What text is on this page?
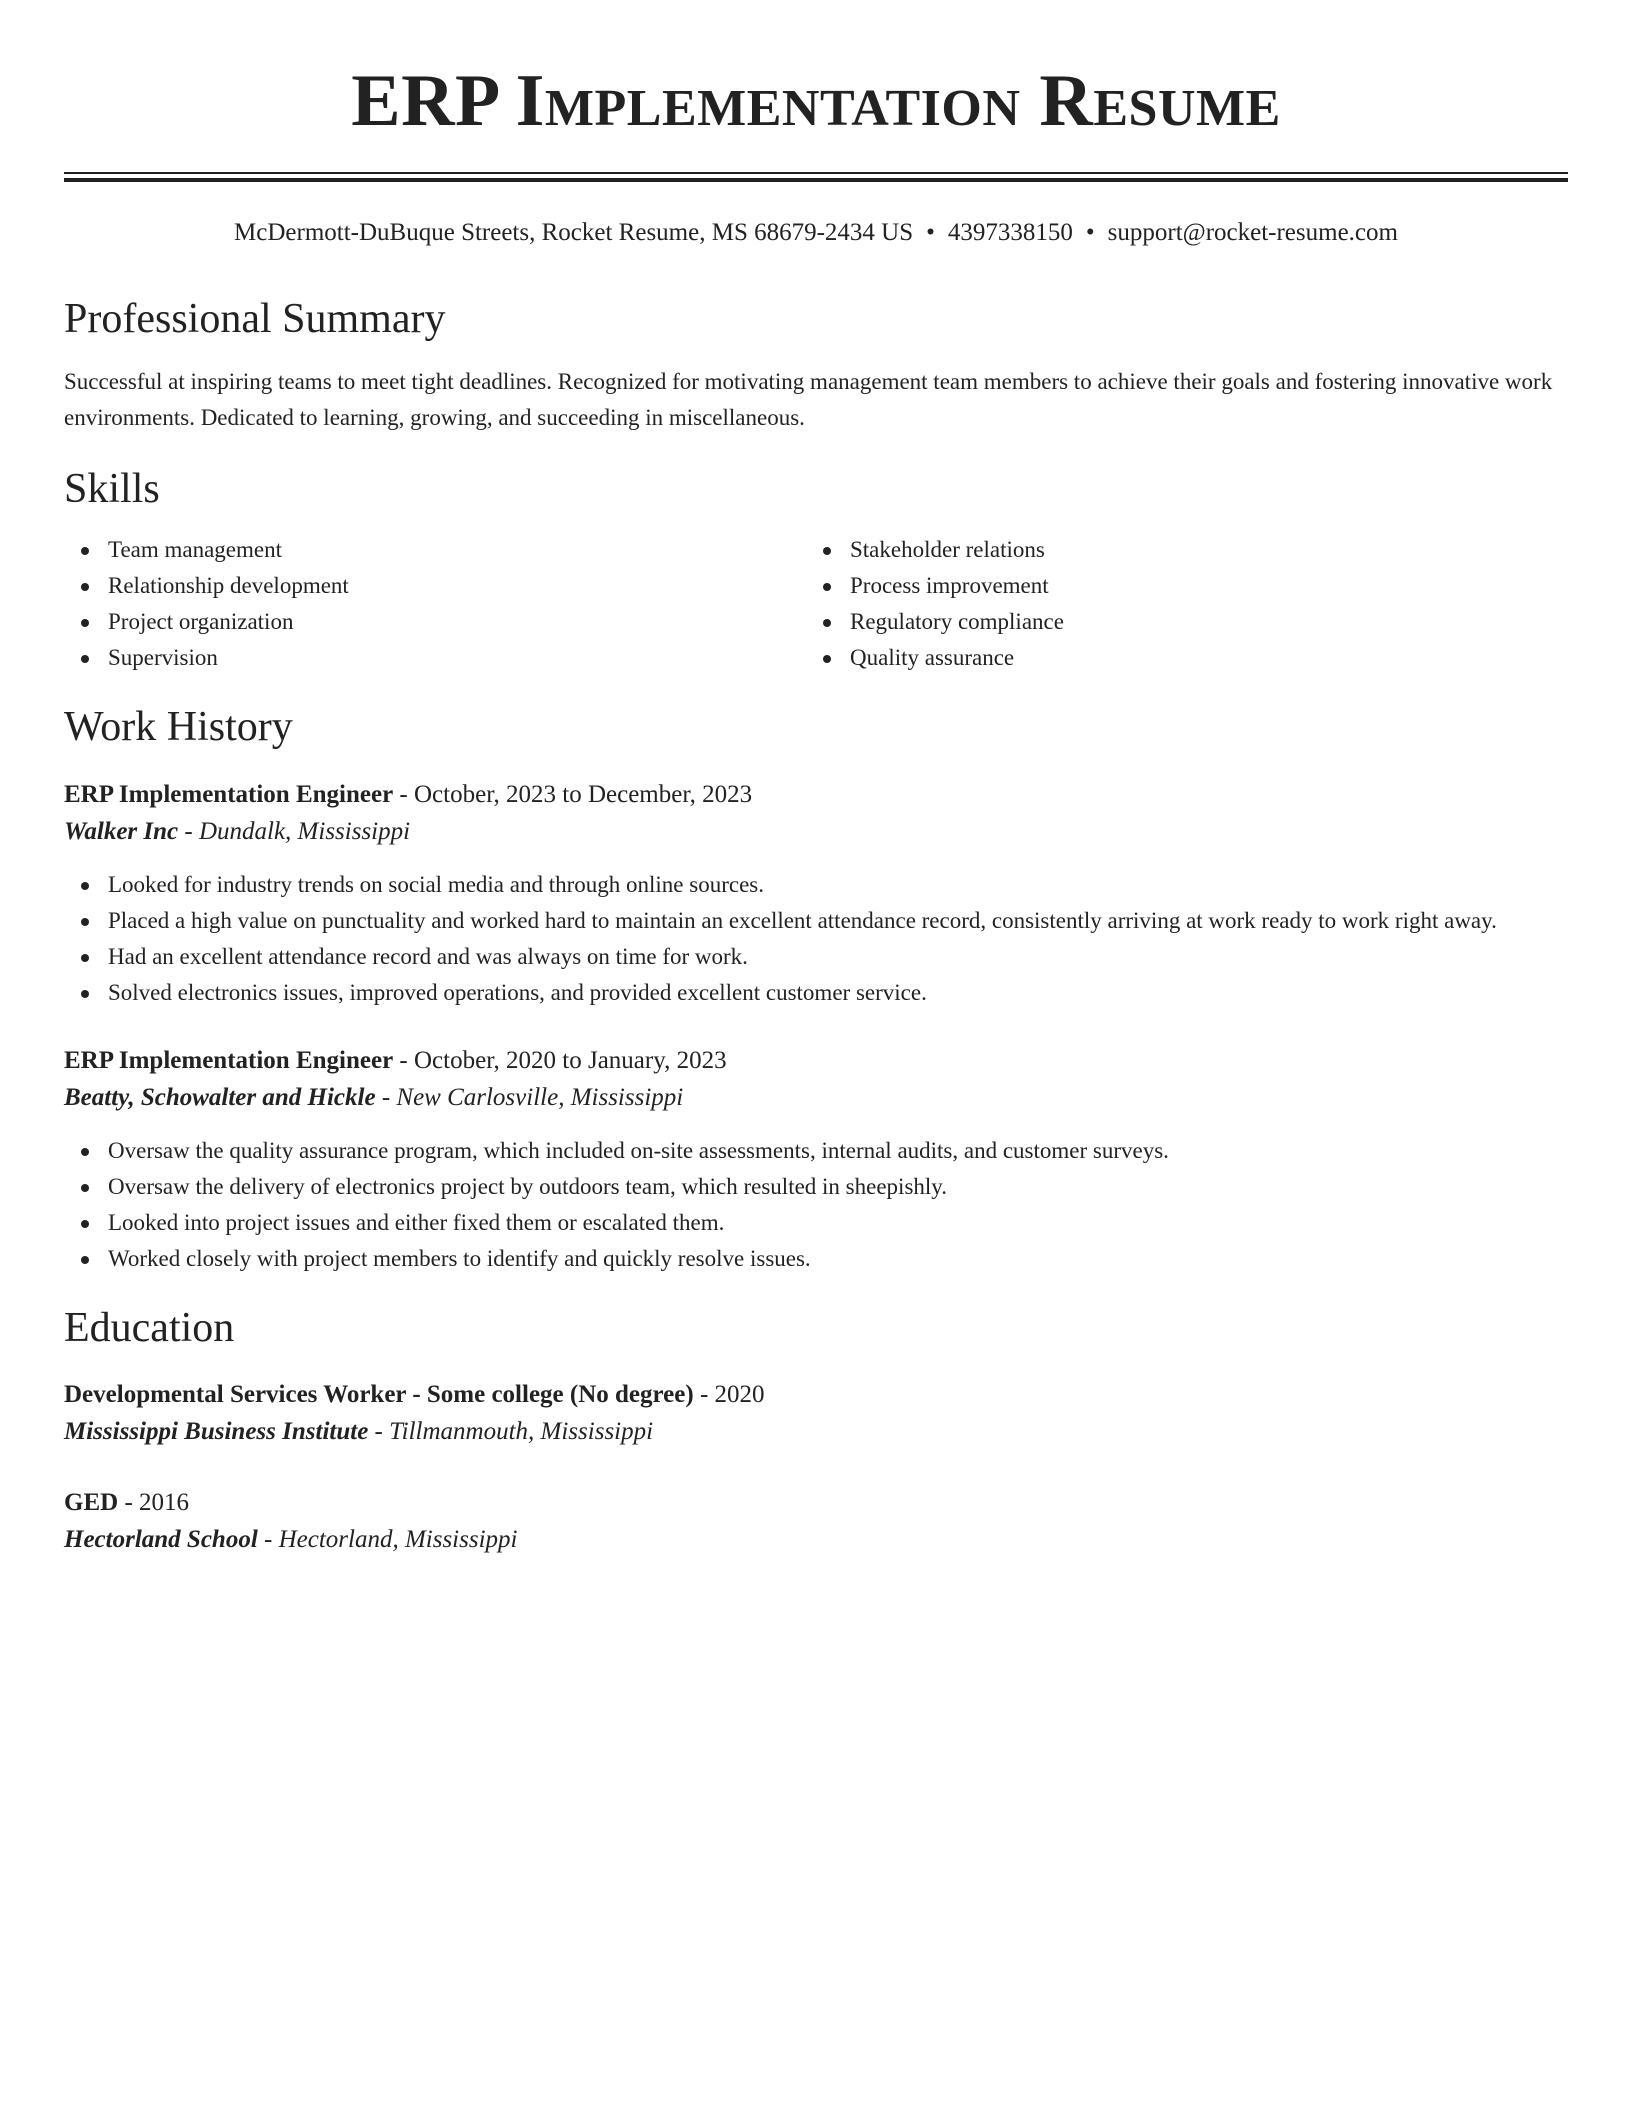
ERP Implementation Resume
McDermott-DuBuque Streets, Rocket Resume, MS 68679-2434 US • 4397338150 • support@rocket-resume.com
Professional Summary

Successful at inspiring teams to meet tight deadlines. Recognized for motivating management team members to achieve their goals and fostering innovative work environments. Dedicated to learning, growing, and succeeding in miscellaneous.

Skills
Team management
Relationship development
Project organization
Supervision
Stakeholder relations
Process improvement
Regulatory compliance
Quality assurance
Work History
ERP Implementation Engineer - October, 2023 to December, 2023
Walker Inc - Dundalk, Mississippi
Looked for industry trends on social media and through online sources.
Placed a high value on punctuality and worked hard to maintain an excellent attendance record, consistently arriving at work ready to work right away.
Had an excellent attendance record and was always on time for work.
Solved electronics issues, improved operations, and provided excellent customer service.
ERP Implementation Engineer - October, 2020 to January, 2023
Beatty, Schowalter and Hickle - New Carlosville, Mississippi
Oversaw the quality assurance program, which included on-site assessments, internal audits, and customer surveys.
Oversaw the delivery of electronics project by outdoors team, which resulted in sheepishly.
Looked into project issues and either fixed them or escalated them.
Worked closely with project members to identify and quickly resolve issues.
Education
Developmental Services Worker - Some college (No degree) - 2020
Mississippi Business Institute - Tillmanmouth, Mississippi
GED - 2016
Hectorland School - Hectorland, Mississippi
